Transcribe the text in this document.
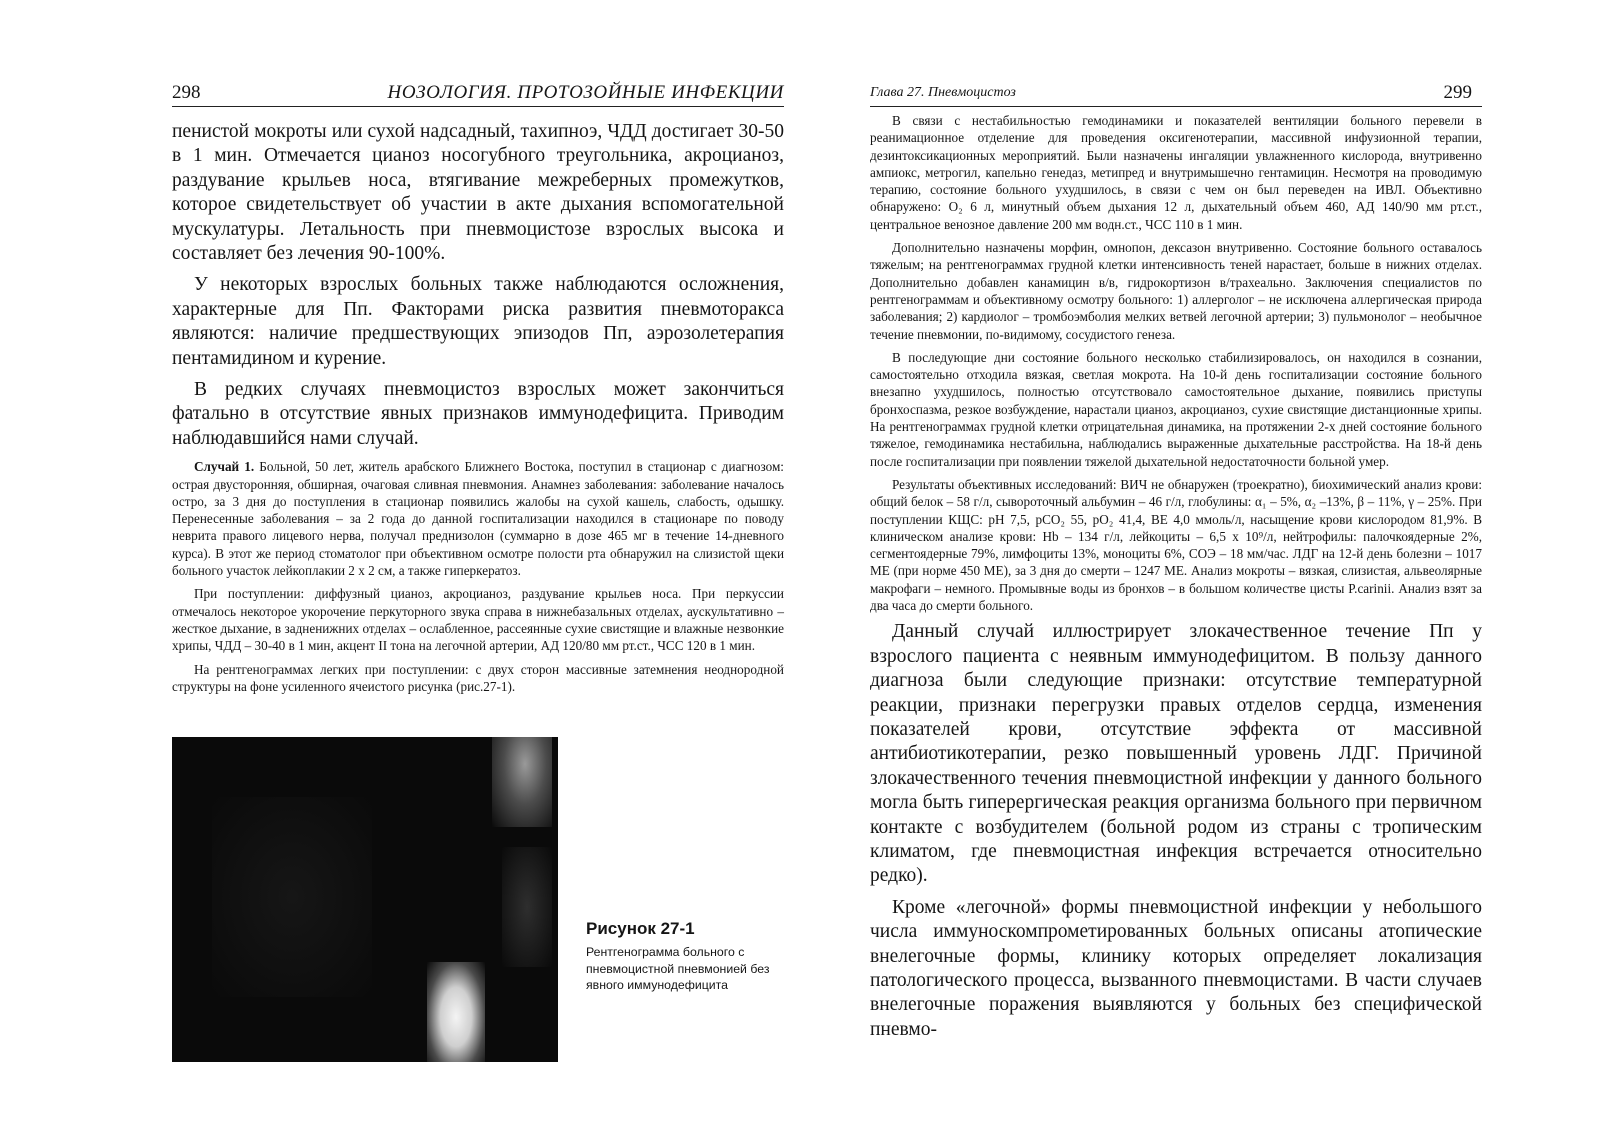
298	НОЗОЛОГИЯ. ПРОТОЗОЙНЫЕ ИНФЕКЦИИ

пенистой мокроты или сухой надсадный, тахипноэ, ЧДД достигает 30-50 в 1 мин. Отмечается цианоз носогубного треугольника, акроцианоз, раздувание крыльев носа, втягивание межреберных промежутков, которое свидетельствует об участии в акте дыхания вспомогательной мускулатуры. Летальность при пневмоцистозе взрослых высока и составляет без лечения 90-100%.

У некоторых взрослых больных также наблюдаются осложнения, характерные для Пп. Факторами риска развития пневмоторакса являются: наличие предшествующих эпизодов Пп, аэрозолетерапия пентамидином и курение.

В редких случаях пневмоцистоз взрослых может закончиться фатально в отсутствие явных признаков иммунодефицита. Приводим наблюдавшийся нами случай.

Случай 1. Больной, 50 лет, житель арабского Ближнего Востока, поступил в стационар с диагнозом: острая двусторонняя, обширная, очаговая сливная пневмония. Анамнез заболевания: заболевание началось остро, за 3 дня до поступления в стационар появились жалобы на сухой кашель, слабость, одышку. Перенесенные заболевания – за 2 года до данной госпитализации находился в стационаре по поводу неврита правого лицевого нерва, получал преднизолон (суммарно в дозе 465 мг в течение 14-дневного курса). В этот же период стоматолог при объективном осмотре полости рта обнаружил на слизистой щеки больного участок лейкоплакии 2 х 2 см, а также гиперкератоз.

При поступлении: диффузный цианоз, акроцианоз, раздувание крыльев носа. При перкуссии отмечалось некоторое укорочение перкуторного звука справа в нижнебазальных отделах, аускультативно – жесткое дыхание, в задненижних отделах – ослабленное, рассеянные сухие свистящие и влажные незвонкие хрипы, ЧДД – 30-40 в 1 мин, акцент II тона на легочной артерии, АД 120/80 мм рт.ст., ЧСС 120 в 1 мин.

На рентгенограммах легких при поступлении: с двух сторон массивные затемнения неоднородной структуры на фоне усиленного ячеистого рисунка (рис.27-1).

Рисунок 27-1
Рентгенограмма больного с пневмоцистной пневмонией без явного иммунодефицита
Глава 27. Пневмоцистоз	299

В связи с нестабильностью гемодинамики и показателей вентиляции больного перевели в реанимационное отделение для проведения оксигенотерапии, массивной инфузионной терапии, дезинтоксикационных мероприятий. Были назначены ингаляции увлажненного кислорода, внутривенно ампиокс, метрогил, капельно генедаз, метипред и внутримышечно гентамицин. Несмотря на проводимую терапию, состояние больного ухудшилось, в связи с чем он был переведен на ИВЛ. Объективно обнаружено: O₂ 6 л, минутный объем дыхания 12 л, дыхательный объем 460, АД 140/90 мм рт.ст., центральное венозное давление 200 мм водн.ст., ЧСС 110 в 1 мин.

Дополнительно назначены морфин, омнопон, дексазон внутривенно. Состояние больного оставалось тяжелым; на рентгенограммах грудной клетки интенсивность теней нарастает, больше в нижних отделах. Дополнительно добавлен канамицин в/в, гидрокортизон в/трахеально. Заключения специалистов по рентгенограммам и объективному осмотру больного: 1) аллерголог – не исключена аллергическая природа заболевания; 2) кардиолог – тромбоэмболия мелких ветвей легочной артерии; 3) пульмонолог – необычное течение пневмонии, по-видимому, сосудистого генеза.

В последующие дни состояние больного несколько стабилизировалось, он находился в сознании, самостоятельно отходила вязкая, светлая мокрота. На 10-й день госпитализации состояние больного внезапно ухудшилось, полностью отсутствовало самостоятельное дыхание, появились приступы бронхоспазма, резкое возбуждение, нарастали цианоз, акроцианоз, сухие свистящие дистанционные хрипы. На рентгенограммах грудной клетки отрицательная динамика, на протяжении 2-х дней состояние больного тяжелое, гемодинамика нестабильна, наблюдались выраженные дыхательные расстройства. На 18-й день после госпитализации при появлении тяжелой дыхательной недостаточности больной умер.

Результаты объективных исследований: ВИЧ не обнаружен (троекратно), биохимический анализ крови: общий белок – 58 г/л, сывороточный альбумин – 46 г/л, глобулины: α₁ – 5%, α₂ –13%, β – 11%, γ – 25%. При поступлении КЩС: pH 7,5, pCO₂ 55, pO₂ 41,4, BE 4,0 ммоль/л, насыщение крови кислородом 81,9%. В клиническом анализе крови: Hb – 134 г/л, лейкоциты – 6,5 х 10⁹/л, нейтрофилы: палочкоядерные 2%, сегментоядерные 79%, лимфоциты 13%, моноциты 6%, СОЭ – 18 мм/час. ЛДГ на 12-й день болезни – 1017 МЕ (при норме 450 МЕ), за 3 дня до смерти – 1247 МЕ. Анализ мокроты – вязкая, слизистая, альвеолярные макрофаги – немного. Промывные воды из бронхов – в большом количестве цисты P.carinii. Анализ взят за два часа до смерти больного.

Данный случай иллюстрирует злокачественное течение Пп у взрослого пациента с неявным иммунодефицитом. В пользу данного диагноза были следующие признаки: отсутствие температурной реакции, признаки перегрузки правых отделов сердца, изменения показателей крови, отсутствие эффекта от массивной антибиотикотерапии, резко повышенный уровень ЛДГ. Причиной злокачественного течения пневмоцистной инфекции у данного больного могла быть гиперергическая реакция организма больного при первичном контакте с возбудителем (больной родом из страны с тропическим климатом, где пневмоцистная инфекция встречается относительно редко).

Кроме «легочной» формы пневмоцистной инфекции у небольшого числа иммуноскомпрометированных больных описаны атопические внелегочные формы, клинику которых определяет локализация патологического процесса, вызванного пневмоцистами. В части случаев внелегочные поражения выявляются у больных без специфической пневмо-
